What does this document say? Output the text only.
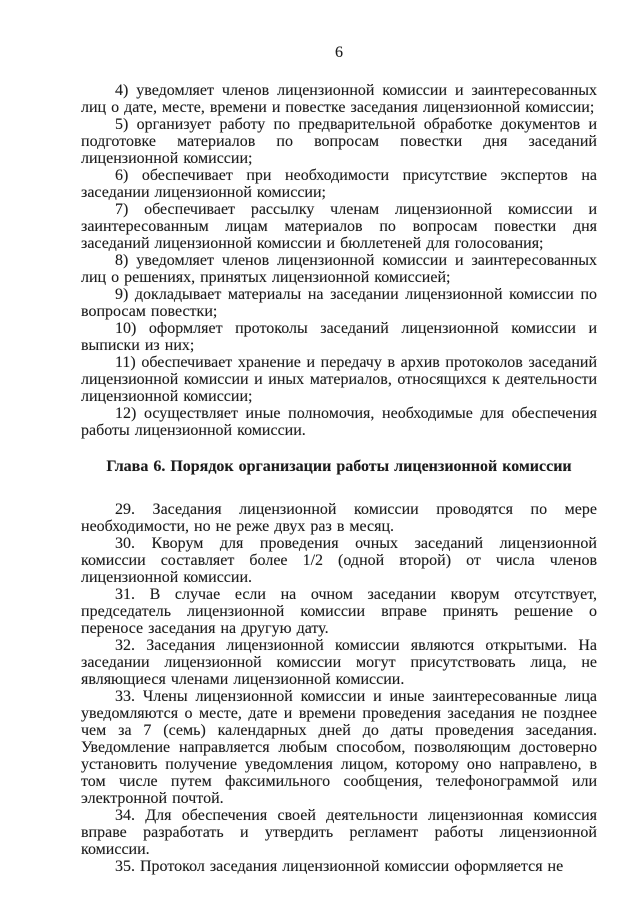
6

4) уведомляет членов лицензионной комиссии и заинтересованных лиц о дате, месте, времени и повестке заседания лицензионной комиссии;

5) организует работу по предварительной обработке документов и подготовке материалов по вопросам повестки дня заседаний лицензионной комиссии;

6) обеспечивает при необходимости присутствие экспертов на заседании лицензионной комиссии;

7) обеспечивает рассылку членам лицензионной комиссии и заинтересованным лицам материалов по вопросам повестки дня заседаний лицензионной комиссии и бюллетеней для голосования;

8) уведомляет членов лицензионной комиссии и заинтересованных лиц о решениях, принятых лицензионной комиссией;

9) докладывает материалы на заседании лицензионной комиссии по вопросам повестки;

10) оформляет протоколы заседаний лицензионной комиссии и выписки из них;

11) обеспечивает хранение и передачу в архив протоколов заседаний лицензионной комиссии и иных материалов, относящихся к деятельности лицензионной комиссии;

12) осуществляет иные полномочия, необходимые для обеспечения работы лицензионной комиссии.

Глава 6. Порядок организации работы лицензионной комиссии

29. Заседания лицензионной комиссии проводятся по мере необходимости, но не реже двух раз в месяц.

30. Кворум для проведения очных заседаний лицензионной комиссии составляет более 1/2 (одной второй) от числа членов лицензионной комиссии.

31. В случае если на очном заседании кворум отсутствует, председатель лицензионной комиссии вправе принять решение о переносе заседания на другую дату.

32. Заседания лицензионной комиссии являются открытыми. На заседании лицензионной комиссии могут присутствовать лица, не являющиеся членами лицензионной комиссии.

33. Члены лицензионной комиссии и иные заинтересованные лица уведомляются о месте, дате и времени проведения заседания не позднее чем за 7 (семь) календарных дней до даты проведения заседания. Уведомление направляется любым способом, позволяющим достоверно установить получение уведомления лицом, которому оно направлено, в том числе путем факсимильного сообщения, телефонограммой или электронной почтой.

34. Для обеспечения своей деятельности лицензионная комиссия вправе разработать и утвердить регламент работы лицензионной комиссии.

35. Протокол заседания лицензионной комиссии оформляется не
